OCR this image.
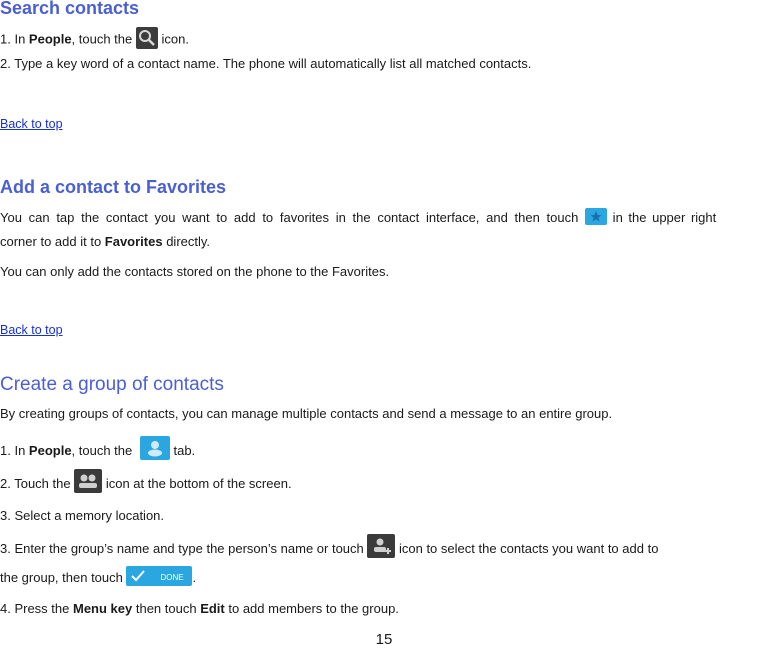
Search contacts

1. In People, touch the  icon.

2. Type a key word of a contact name. The phone will automatically list all matched contacts.

Back to top
Add a contact to Favorites

You can tap the contact you want to add to favorites in the contact interface, and then touch  in the upper right

corner to add it to Favorites directly.

You can only add the contacts stored on the phone to the Favorites.

Back to top
Create a group of contacts

By creating groups of contacts, you can manage multiple contacts and send a message to an entire group.

1. In People, touch the	tab.

2. Touch the  icon at the bottom of the screen.

3. Select a memory location.

3. Enter the group’s name and type the person’s name or touch  icon to select the contacts you want to add to

the group, then touch	DONE .

4. Press the Menu key then touch Edit to add members to the group.

15
